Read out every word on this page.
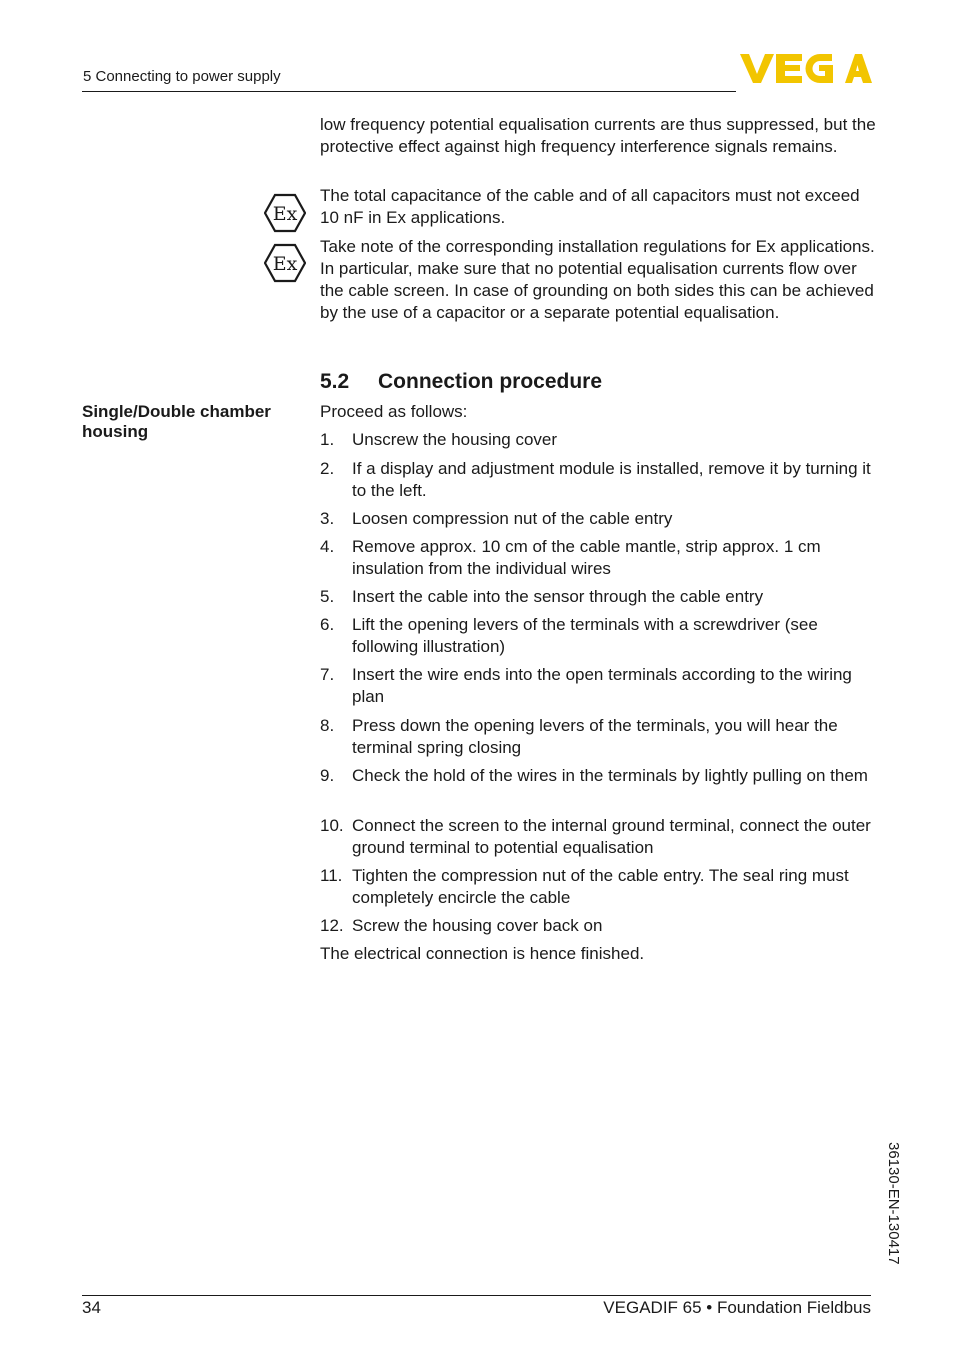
5 Connecting to power supply
low frequency potential equalisation currents are thus suppressed, but the protective effect against high frequency interference signals remains.
Ex
The total capacitance of the cable and of all capacitors must not exceed 10 nF in Ex applications.
Ex
Take note of the corresponding installation regulations for Ex applications. In particular, make sure that no potential equalisation currents flow over the cable screen. In case of grounding on both sides this can be achieved by the use of a capacitor or a separate potential equalisation.
5.2 Connection procedure
Single/Double chamber housing
Proceed as follows:
1. Unscrew the housing cover
2. If a display and adjustment module is installed, remove it by turning it to the left.
3. Loosen compression nut of the cable entry
4. Remove approx. 10 cm of the cable mantle, strip approx. 1 cm insulation from the individual wires
5. Insert the cable into the sensor through the cable entry
6. Lift the opening levers of the terminals with a screwdriver (see following illustration)
7. Insert the wire ends into the open terminals according to the wiring plan
8. Press down the opening levers of the terminals, you will hear the terminal spring closing
9. Check the hold of the wires in the terminals by lightly pulling on them
10. Connect the screen to the internal ground terminal, connect the outer ground terminal to potential equalisation
11. Tighten the compression nut of the cable entry. The seal ring must completely encircle the cable
12. Screw the housing cover back on
The electrical connection is hence finished.
36130-EN-130417
34	VEGADIF 65 • Foundation Fieldbus
